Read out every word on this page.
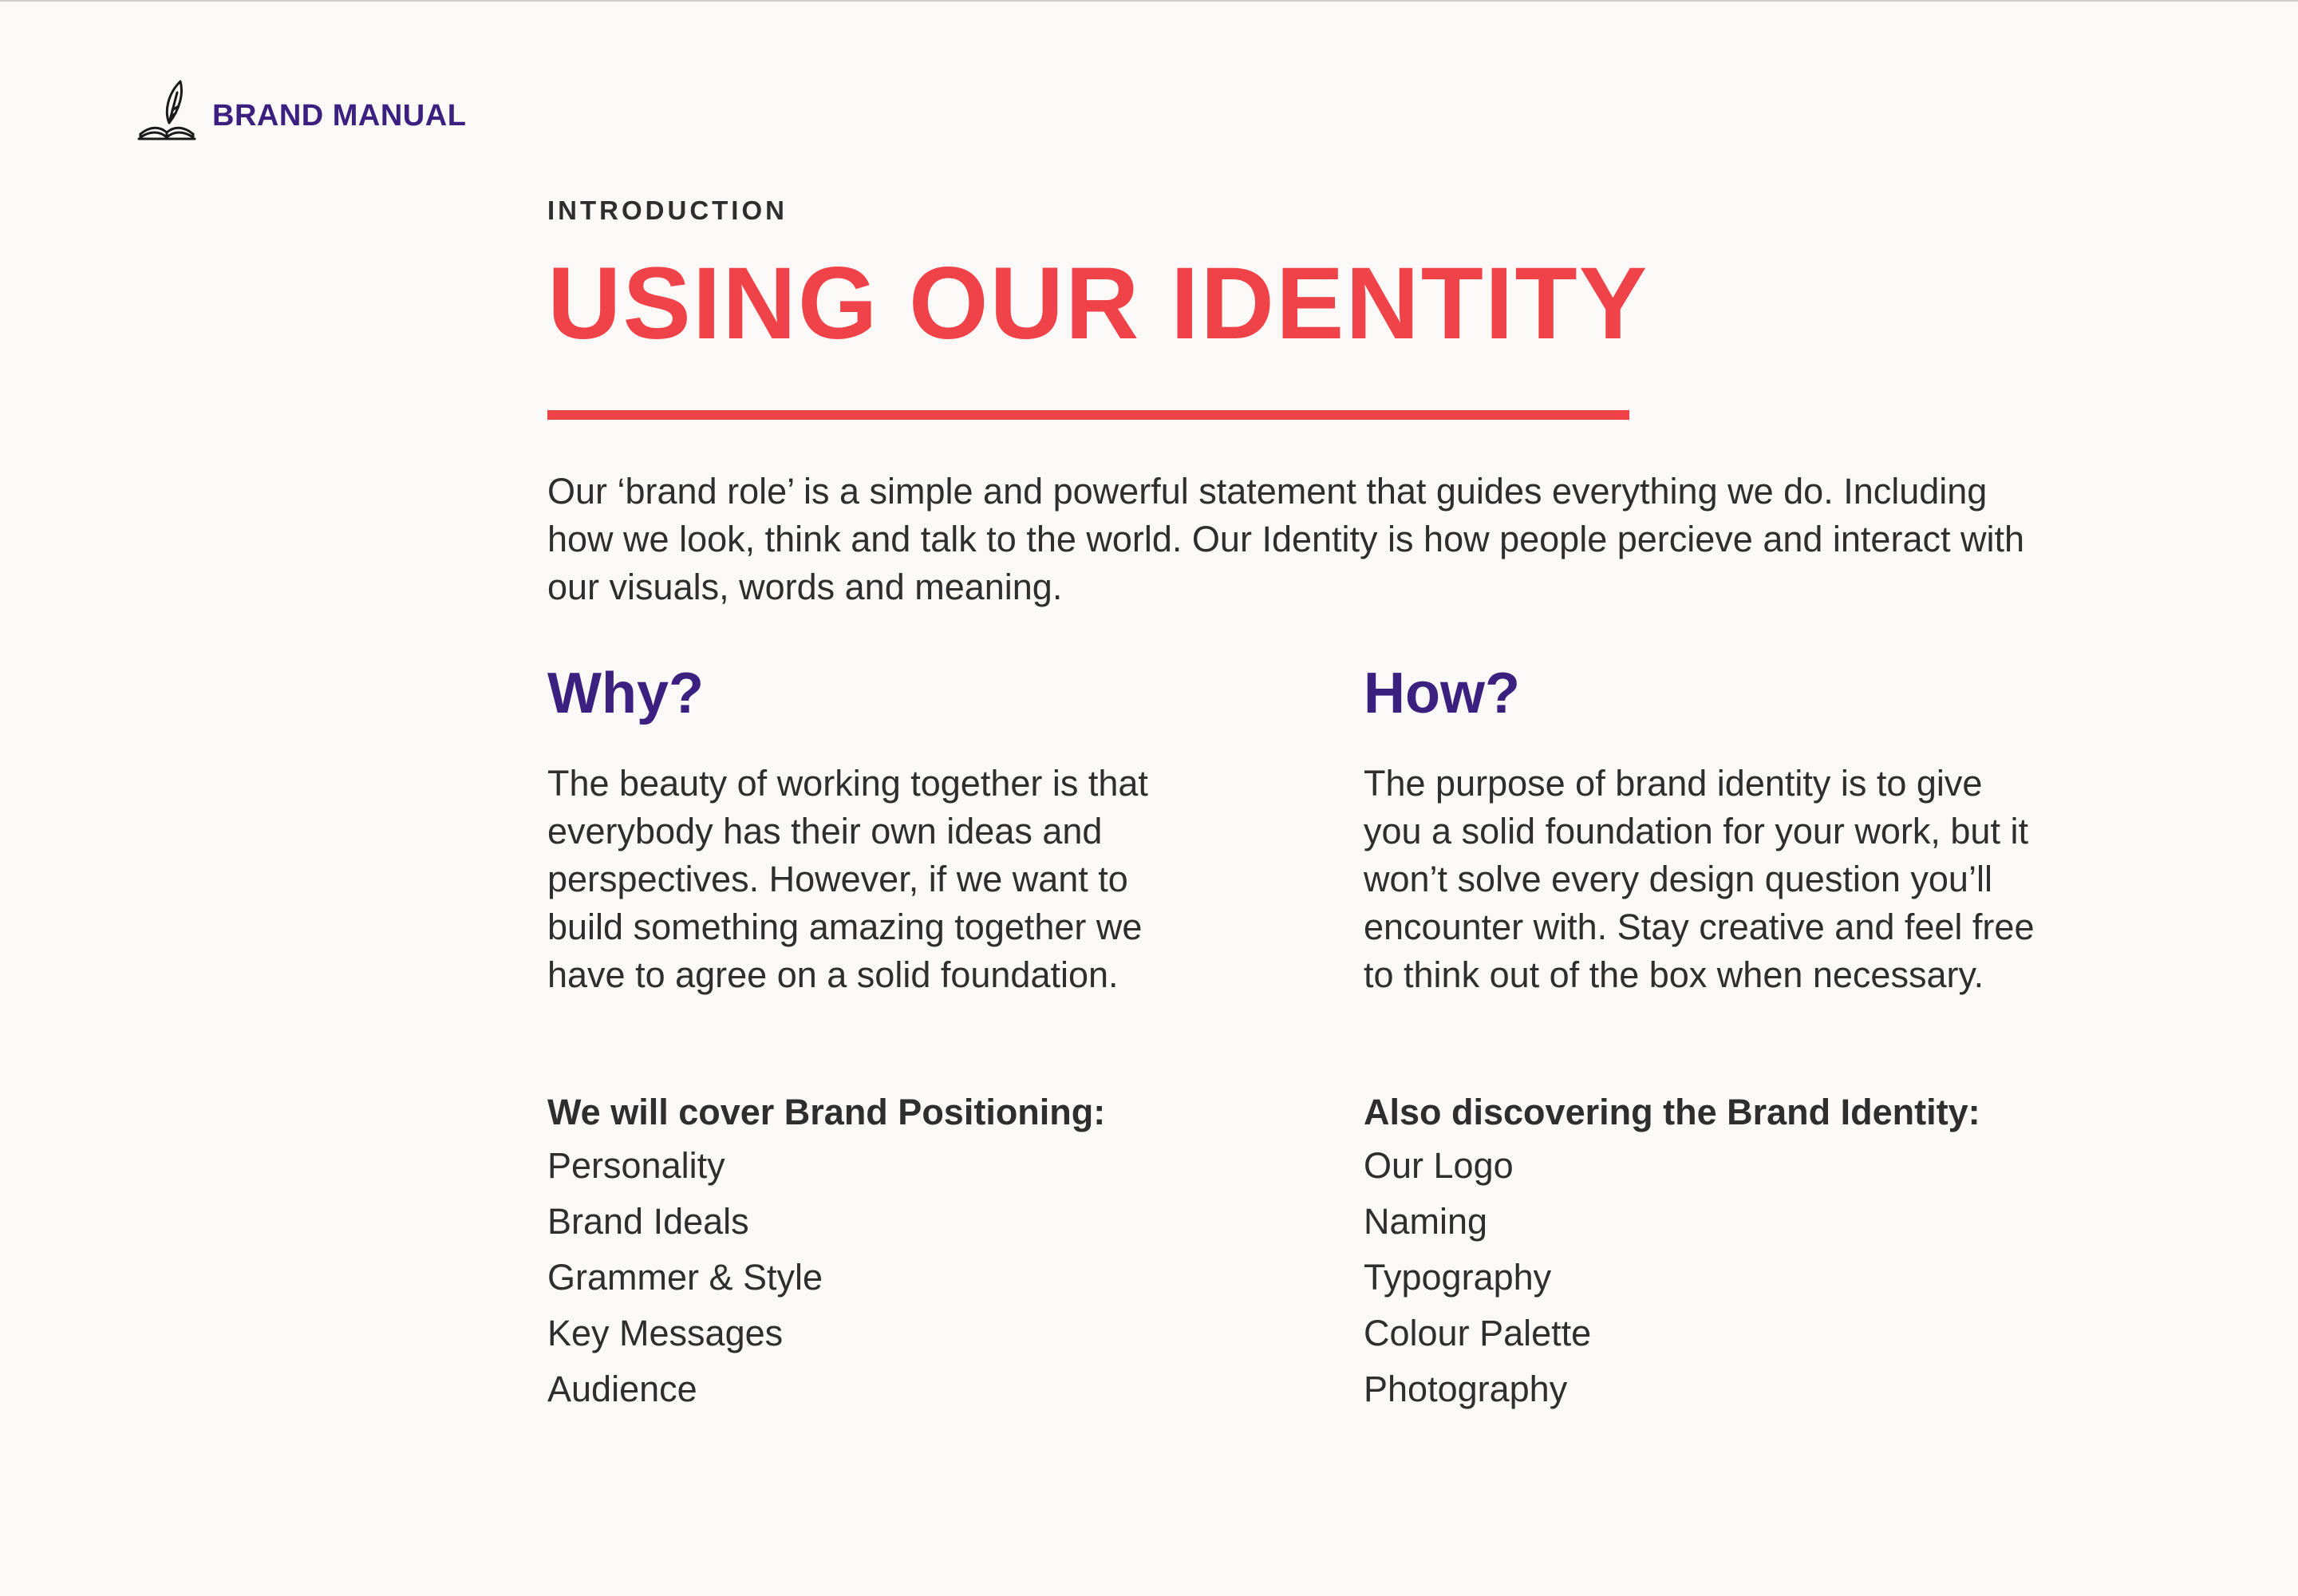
BRAND MANUAL

INTRODUCTION

USING OUR IDENTITY

Our ‘brand role’ is a simple and powerful statement that guides everything we do. Including how we look, think and talk to the world. Our Identity is how people percieve and interact with our visuals, words and meaning.

Why?

The beauty of working together is that everybody has their own ideas and perspectives. However, if we want to build something amazing together we have to agree on a solid foundation.

We will cover Brand Positioning:
Personality
Brand Ideals
Grammer & Style
Key Messages
Audience
How?

The purpose of brand identity is to give you a solid foundation for your work, but it won’t solve every design question you’ll encounter with. Stay creative and feel free to think out of the box when necessary.

Also discovering the Brand Identity:
Our Logo
Naming
Typography
Colour Palette
Photography
